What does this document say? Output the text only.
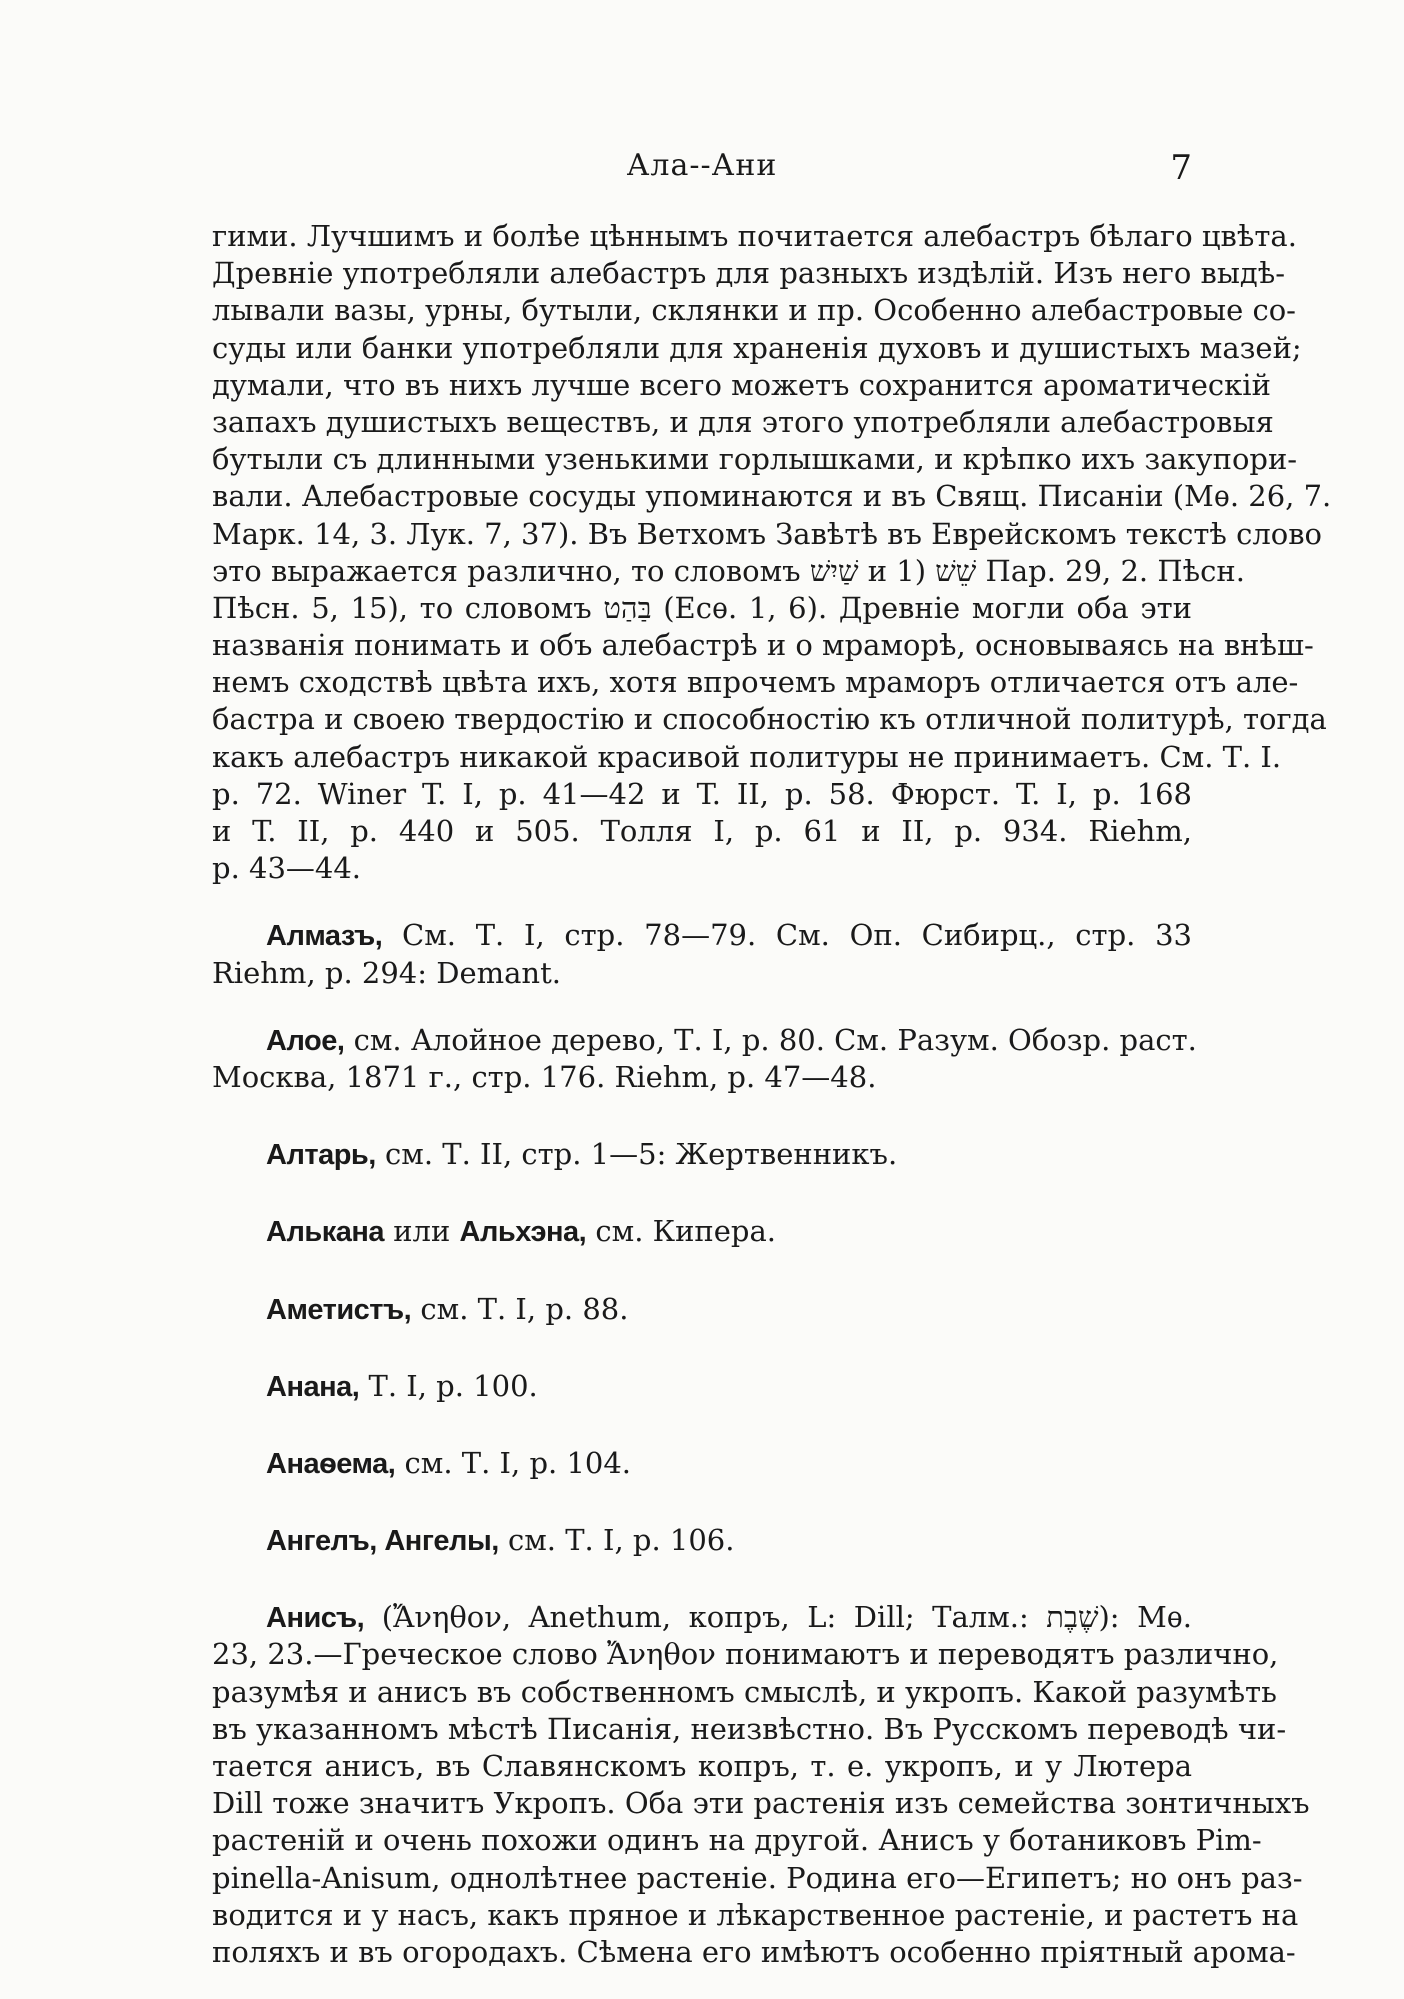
Ала--Ани	7
гими. Лучшимъ и болѣе цѣннымъ почитается алебастръ бѣлаго цвѣта.
Древніе употребляли алебастръ для разныхъ издѣлій. Изъ него выдѣ-
лывали вазы, урны, бутыли, склянки и пр. Особенно алебастровые со-
суды или банки употребляли для храненія духовъ и душистыхъ мазей;
думали, что въ нихъ лучше всего можетъ сохранится ароматическій
запахъ душистыхъ веществъ, и для этого употребляли алебастровыя
бутыли съ длинными узенькими горлышками, и крѣпко ихъ закупори-
вали. Алебастровые сосуды упоминаются и въ Свящ. Писаніи (Мѳ. 26, 7.
Марк. 14, 3. Лук. 7, 37). Въ Ветхомъ Завѣтѣ въ Еврейскомъ текстѣ слово
это выражается различно, то словомъ שַׁיִשׁ и שֵׁשׁ (1 Пар. 29, 2. Пѣсн.
Пѣсн. 5, 15), то словомъ בַּהַט (Есѳ. 1, 6). Древніе могли оба эти
названія понимать и объ алебастрѣ и о мраморѣ, основываясь на внѣш-
немъ сходствѣ цвѣта ихъ, хотя впрочемъ мраморъ отличается отъ але-
бастра и своею твердостію и способностію къ отличной политурѣ, тогда
какъ алебастръ никакой красивой политуры не принимаетъ. См. Т. I.
p. 72. Winer T. I, p. 41—42 и T. II, p. 58. Фюрст. T. I, p. 168
и T. II, p. 440 и 505. Толля I, p. 61 и II, p. 934. Riehm,
p. 43—44.
Алмазъ, См. Т. I, стр. 78—79. См. Оп. Сибирц., стр. 33
Riehm, p. 294: Demant.
Алое, см. Алойное дерево, Т. I, р. 80. См. Разум. Обозр. раст.
Москва, 1871 г., стр. 176. Riehm, p. 47—48.
Алтарь, см. Т. II, стр. 1—5: Жертвенникъ.
Алькана или Альхэна, см. Кипера.
Аметистъ, см. Т. I, р. 88.
Анана, Т. I, р. 100.
Анаѳема, см. Т. I, р. 104.
Ангелъ, Ангелы, см. Т. I, р. 106.
Анисъ, (Ἄνηθον, Anethum, копръ, L: Dill; Талм.: שֶׁבֶת): Мѳ.
23, 23.—Греческое слово Ἄνηθον понимаютъ и переводятъ различно,
разумѣя и анисъ въ собственномъ смыслѣ, и укропъ. Какой разумѣть
въ указанномъ мѣстѣ Писанія, неизвѣстно. Въ Русскомъ переводѣ чи-
тается анисъ, въ Славянскомъ копръ, т. е. укропъ, и у Лютера
Dill тоже значитъ Укропъ. Оба эти растенія изъ семейства зонтичныхъ
растеній и очень похожи одинъ на другой. Анисъ у ботаниковъ Pim-
pinella-Anisum, однолѣтнее растеніе. Родина его—Египетъ; но онъ раз-
водится и у насъ, какъ пряное и лѣкарственное растеніе, и растетъ на
поляхъ и въ огородахъ. Сѣмена его имѣютъ особенно пріятный арома-
